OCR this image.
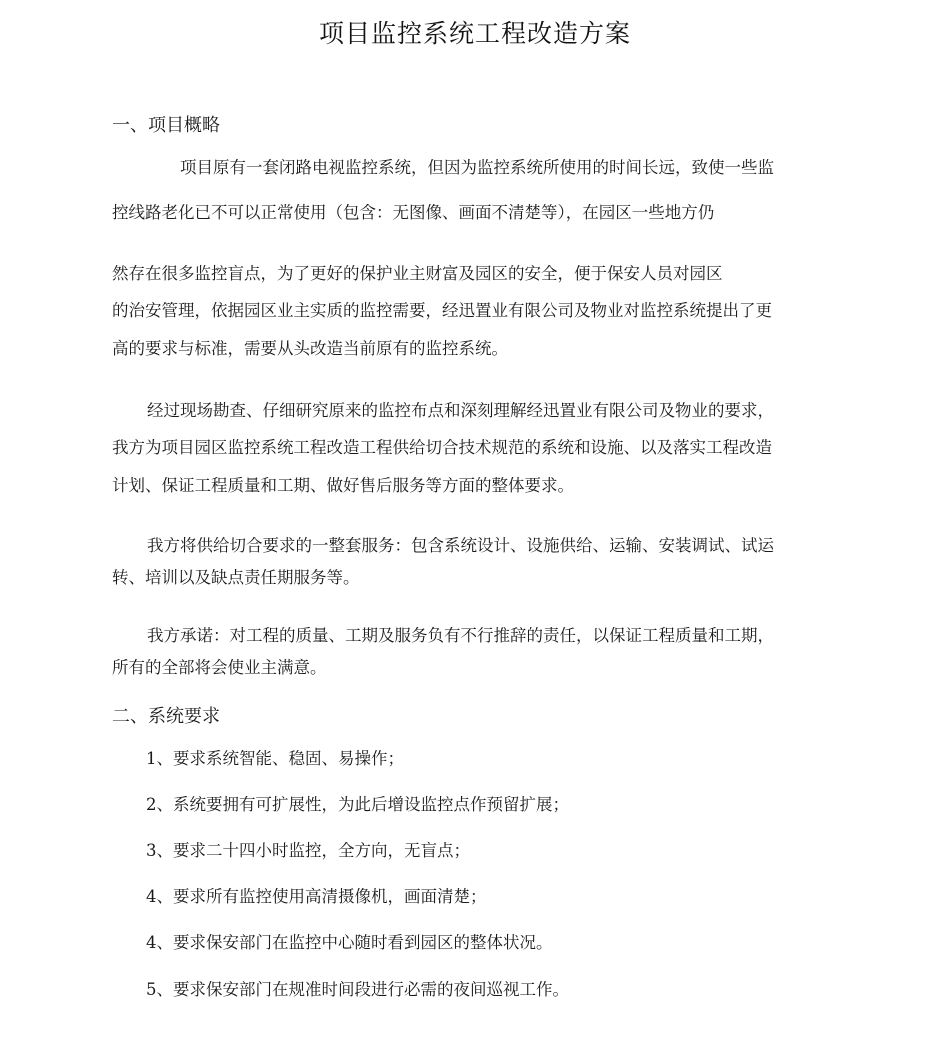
项目监控系统工程改造方案
一、项目概略
项目原有一套闭路电视监控系统，但因为监控系统所使用的时间长远，致使一些监
控线路老化已不可以正常使用（包含：无图像、画面不清楚等），在园区一些地方仍
然存在很多监控盲点，为了更好的保护业主财富及园区的安全，便于保安人员对园区
的治安管理，依据园区业主实质的监控需要，经迅置业有限公司及物业对监控系统提出了更
高的要求与标准，需要从头改造当前原有的监控系统。
经过现场勘查、仔细研究原来的监控布点和深刻理解经迅置业有限公司及物业的要求，
我方为项目园区监控系统工程改造工程供给切合技术规范的系统和设施、以及落实工程改造
计划、保证工程质量和工期、做好售后服务等方面的整体要求。
我方将供给切合要求的一整套服务：包含系统设计、设施供给、运输、安装调试、试运
转、培训以及缺点责任期服务等。
我方承诺：对工程的质量、工期及服务负有不行推辞的责任，以保证工程质量和工期，
所有的全部将会使业主满意。
二、系统要求
1、要求系统智能、稳固、易操作；
2、系统要拥有可扩展性，为此后增设监控点作预留扩展；
3、要求二十四小时监控，全方向，无盲点；
4、要求所有监控使用高清摄像机，画面清楚；
4、要求保安部门在监控中心随时看到园区的整体状况。
5、要求保安部门在规准时间段进行必需的夜间巡视工作。
